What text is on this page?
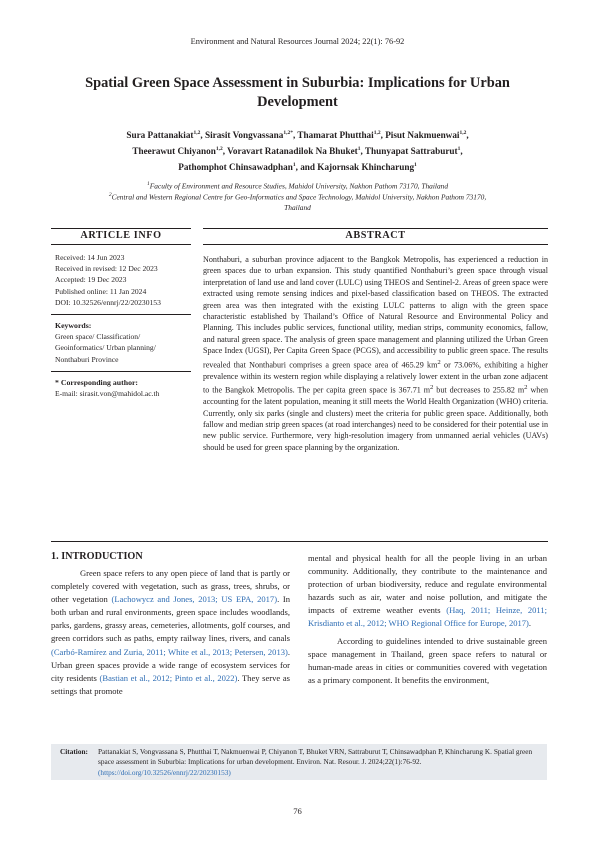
Environment and Natural Resources Journal 2024; 22(1): 76-92
Spatial Green Space Assessment in Suburbia: Implications for Urban Development
Sura Pattanakiat$^{1,2}$, Sirasit Vongvassana$^{1,2*}$, Thamarat Phutthai$^{1,2}$, Pisut Nakmuenwai$^{1,2}$,
Theerawut Chiyanon$^{1,2}$, Voravart Ratanadilok Na Bhuket$^1$, Thunyapat Sattraburut$^1$,
Pathomphot Chinsawadphan$^1$, and Kajornsak Khincharung$^1$
$^1$Faculty of Environment and Resource Studies, Mahidol University, Nakhon Pathom 73170, Thailand
$^2$Central and Western Regional Centre for Geo-Informatics and Space Technology, Mahidol University, Nakhon Pathom 73170,
Thailand
ARTICLE INFO	ABSTRACT
Received: 14 Jun 2023
Received in revised: 12 Dec 2023
Accepted: 19 Dec 2023
Published online: 11 Jan 2024
DOI: 10.32526/ennrj/22/20230153
Keywords:
Green space/ Classification/
Geoinformatics/ Urban planning/
Nonthaburi Province
* Corresponding author:
E-mail: sirasit.von@mahidol.ac.th
Nonthaburi, a suburban province adjacent to the Bangkok Metropolis, has experienced a reduction in green spaces due to urban expansion. This study quantified Nonthaburi’s green space through visual interpretation of land use and land cover (LULC) using THEOS and Sentinel-2. Areas of green space were extracted using remote sensing indices and pixel-based classification based on THEOS. The extracted green area was then integrated with the existing LULC patterns to align with the green space characteristic established by Thailand’s Office of Natural Resource and Environmental Policy and Planning. This includes public services, functional utility, median strips, community economics, fallow, and natural green space. The analysis of green space management and planning utilized the Urban Green Space Index (UGSI), Per Capita Green Space (PCGS), and accessibility to public green space. The results revealed that Nonthaburi comprises a green space area of 465.29 $km^2$ or 73.06%, exhibiting a higher prevalence within its western region while displaying a relatively lower extent in the urban zone adjacent to the Bangkok Metropolis. The per capita green space is 367.71 $m^2$ but decreases to 255.82 $m^2$ when accounting for the latent population, meaning it still meets the World Health Organization (WHO) criteria. Currently, only six parks (single and clusters) meet the criteria for public green space. Additionally, both fallow and median strip green spaces (at road interchanges) need to be considered for their potential use in new public service. Furthermore, very high-resolution imagery from unmanned aerial vehicles (UAVs) should be used for green space planning by the organization.
1. INTRODUCTION

Green space refers to any open piece of land that is partly or completely covered with vegetation, such as grass, trees, shrubs, or other vegetation (Lachowycz and Jones, 2013; US EPA, 2017). In both urban and rural environments, green space includes woodlands, parks, gardens, grassy areas, cemeteries, allotments, golf courses, and green corridors such as paths, empty railway lines, rivers, and canals (Carbó-Ramírez and Zuria, 2011; White et al., 2013; Petersen, 2013). Urban green spaces provide a wide range of ecosystem services for city residents (Bastian et al., 2012; Pinto et al., 2022). They serve as settings that promote

mental and physical health for all the people living in an urban community. Additionally, they contribute to the maintenance and protection of urban biodiversity, reduce and regulate environmental hazards such as air, water and noise pollution, and mitigate the impacts of extreme weather events (Haq, 2011; Heinze, 2011; Krisdianto et al., 2012; WHO Regional Office for Europe, 2017).

According to guidelines intended to drive sustainable green space management in Thailand, green space refers to natural or human-made areas in cities or communities covered with vegetation as a primary component. It benefits the environment,

Citation: Pattanakiat S, Vongvassana S, Phutthai T, Nakmuenwai P, Chiyanon T, Bhuket VRN, Sattraburut T, Chinsawadphan P, Khincharung K. Spatial green space assessment in Suburbia: Implications for urban development. Environ. Nat. Resour. J. 2024;22(1):76-92.
(https://doi.org/10.32526/ennrj/22/20230153)
76
